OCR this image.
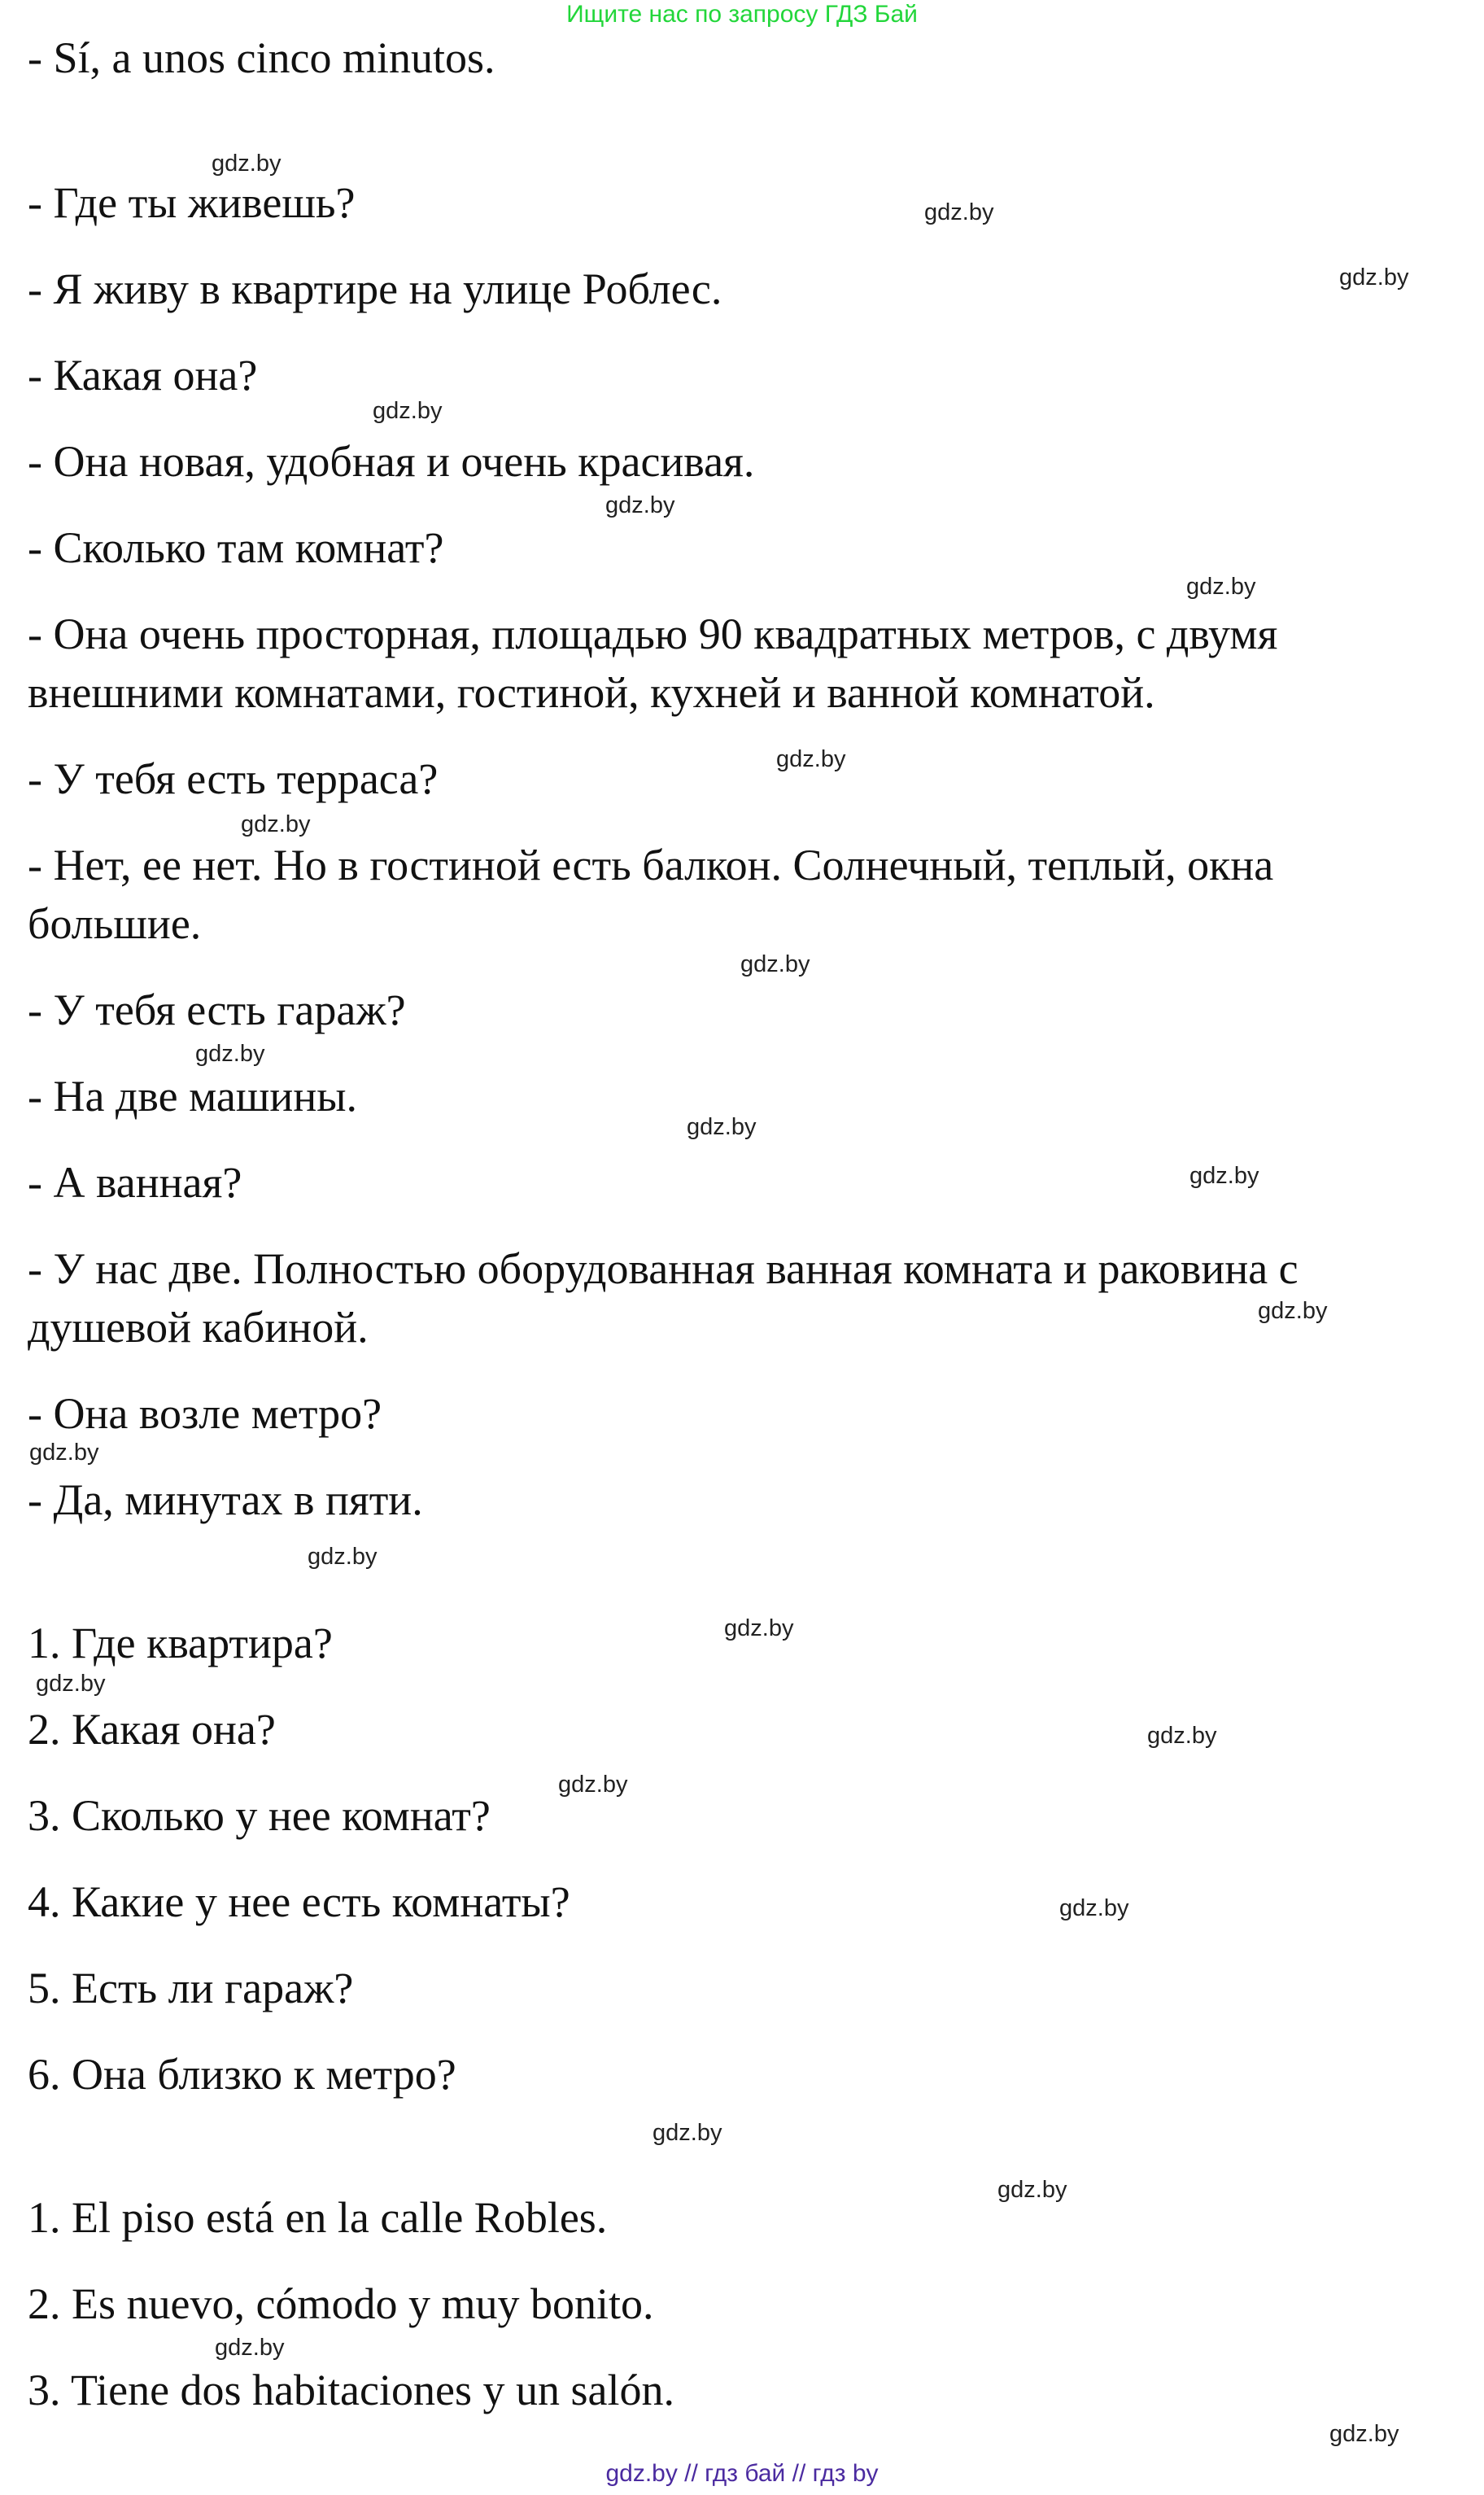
Ищите нас по запросу ГДЗ Бай
- Sí, a unos cinco minutos.
- Где ты живешь?
- Я живу в квартире на улице Роблес.
- Какая она?
- Она новая, удобная и очень красивая.
- Сколько там комнат?
- Она очень просторная, площадью 90 квадратных метров, с двумя
внешними комнатами, гостиной, кухней и ванной комнатой.
- У тебя есть терраса?
- Нет, ее нет. Но в гостиной есть балкон. Солнечный, теплый, окна
большие.
- У тебя есть гараж?
- На две машины.
- А ванная?
- У нас две. Полностью оборудованная ванная комната и раковина с
душевой кабиной.
- Она возле метро?
- Да, минутах в пяти.
1. Где квартира?
2. Какая она?
3. Сколько у нее комнат?
4. Какие у нее есть комнаты?
5. Есть ли гараж?
6. Она близко к метро?
1. El piso está en la calle Robles.
2. Es nuevo, cómodo y muy bonito.
3. Tiene dos habitaciones y un salón.
gdz.by
gdz.by
gdz.by
gdz.by
gdz.by
gdz.by
gdz.by
gdz.by
gdz.by
gdz.by
gdz.by
gdz.by
gdz.by
gdz.by
gdz.by
gdz.by
gdz.by
gdz.by
gdz.by
gdz.by
gdz.by
gdz.by
gdz.by
gdz.by
gdz.by // гдз бай // гдз by
